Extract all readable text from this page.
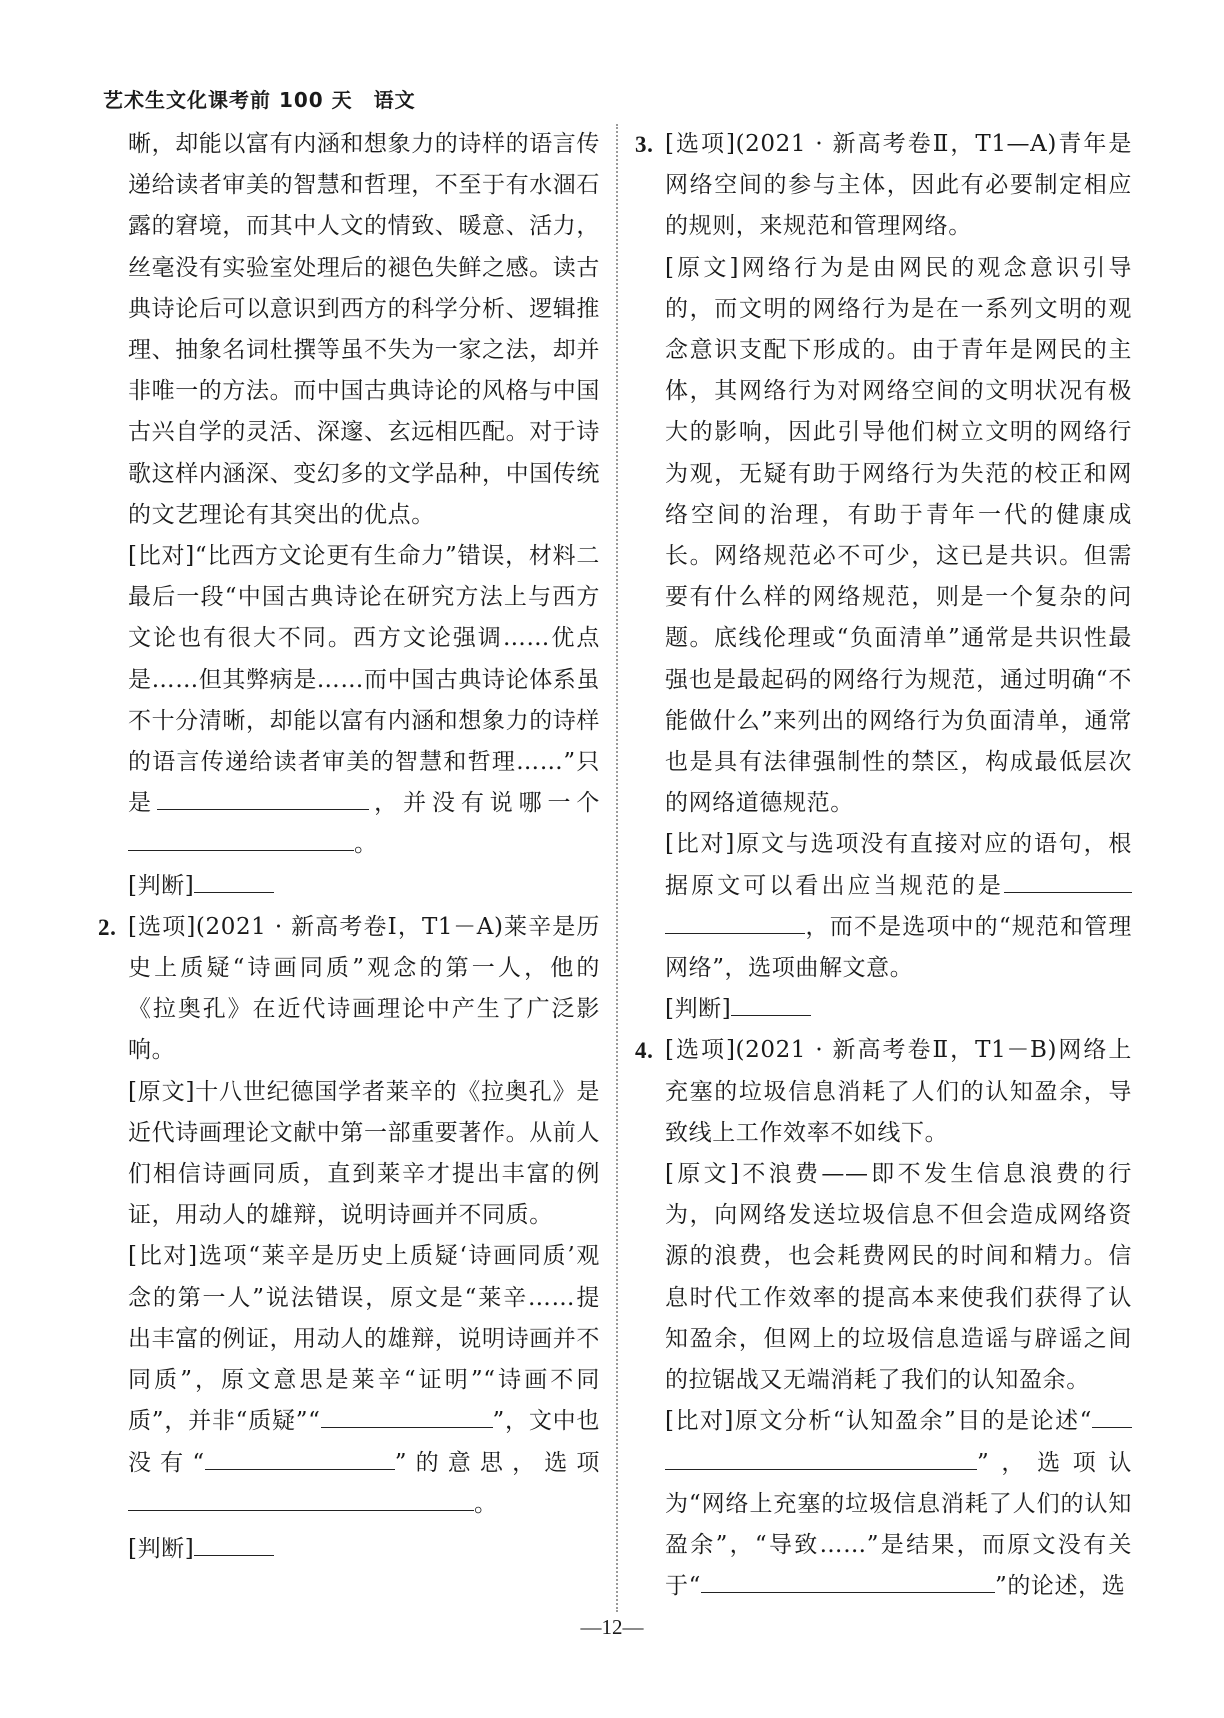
艺术生文化课考前 100 天　语文

晰，却能以富有内涵和想象力的诗样的语言传递给读者审美的智慧和哲理，不至于有水涸石露的窘境，而其中人文的情致、暖意、活力，丝毫没有实验室处理后的褪色失鲜之感。读古典诗论后可以意识到西方的科学分析、逻辑推理、抽象名词杜撰等虽不失为一家之法，却并非唯一的方法。而中国古典诗论的风格与中国古兴自学的灵活、深邃、玄远相匹配。对于诗歌这样内涵深、变幻多的文学品种，中国传统的文艺理论有其突出的优点。

[比对]“比西方文论更有生命力”错误，材料二最后一段“中国古典诗论在研究方法上与西方文论也有很大不同。西方文论强调……优点是……但其弊病是……而中国古典诗论体系虽不十分清晰，却能以富有内涵和想象力的诗样的语言传递给读者审美的智慧和哲理……”只是	，并没有说哪一个。

[判断]

2. [选项](2021 · 新高考卷Ⅰ，T1－A)莱辛是历史上质疑“诗画同质”观念的第一人，他的《拉奥孔》在近代诗画理论中产生了广泛影响。

[原文]十八世纪德国学者莱辛的《拉奥孔》是近代诗画理论文献中第一部重要著作。从前人们相信诗画同质，直到莱辛才提出丰富的例证，用动人的雄辩，说明诗画并不同质。

[比对]选项“莱辛是历史上质疑‘诗画同质’观念的第一人”说法错误，原文是“莱辛……提出丰富的例证，用动人的雄辩，说明诗画并不同质”，原文意思是莱辛“证明”“诗画不同质”，并非“质疑”“	”，文中也没有“	”的意思，选项。

[判断]

3. [选项](2021 · 新高考卷Ⅱ，T1—A)青年是网络空间的参与主体，因此有必要制定相应的规则，来规范和管理网络。

[原文]网络行为是由网民的观念意识引导的，而文明的网络行为是在一系列文明的观念意识支配下形成的。由于青年是网民的主体，其网络行为对网络空间的文明状况有极大的影响，因此引导他们树立文明的网络行为观，无疑有助于网络行为失范的校正和网络空间的治理，有助于青年一代的健康成长。网络规范必不可少，这已是共识。但需要有什么样的网络规范，则是一个复杂的问题。底线伦理或“负面清单”通常是共识性最强也是最起码的网络行为规范，通过明确“不能做什么”来列出的网络行为负面清单，通常也是具有法律强制性的禁区，构成最低层次的网络道德规范。

[比对]原文与选项没有直接对应的语句，根据原文可以看出应当规范的是，而不是选项中的“规范和管理网络”，选项曲解文意。

[判断]

4. [选项](2021 · 新高考卷Ⅱ，T1－B)网络上充塞的垃圾信息消耗了人们的认知盈余，导致线上工作效率不如线下。

[原文]不浪费——即不发生信息浪费的行为，向网络发送垃圾信息不但会造成网络资源的浪费，也会耗费网民的时间和精力。信息时代工作效率的提高本来使我们获得了认知盈余，但网上的垃圾信息造谣与辟谣之间的拉锯战又无端消耗了我们的认知盈余。

[比对]原文分析“认知盈余”目的是论述“”，选项认为“网络上充塞的垃圾信息消耗了人们的认知盈余”，“导致……”是结果，而原文没有关于“	”的论述，选

—12—
